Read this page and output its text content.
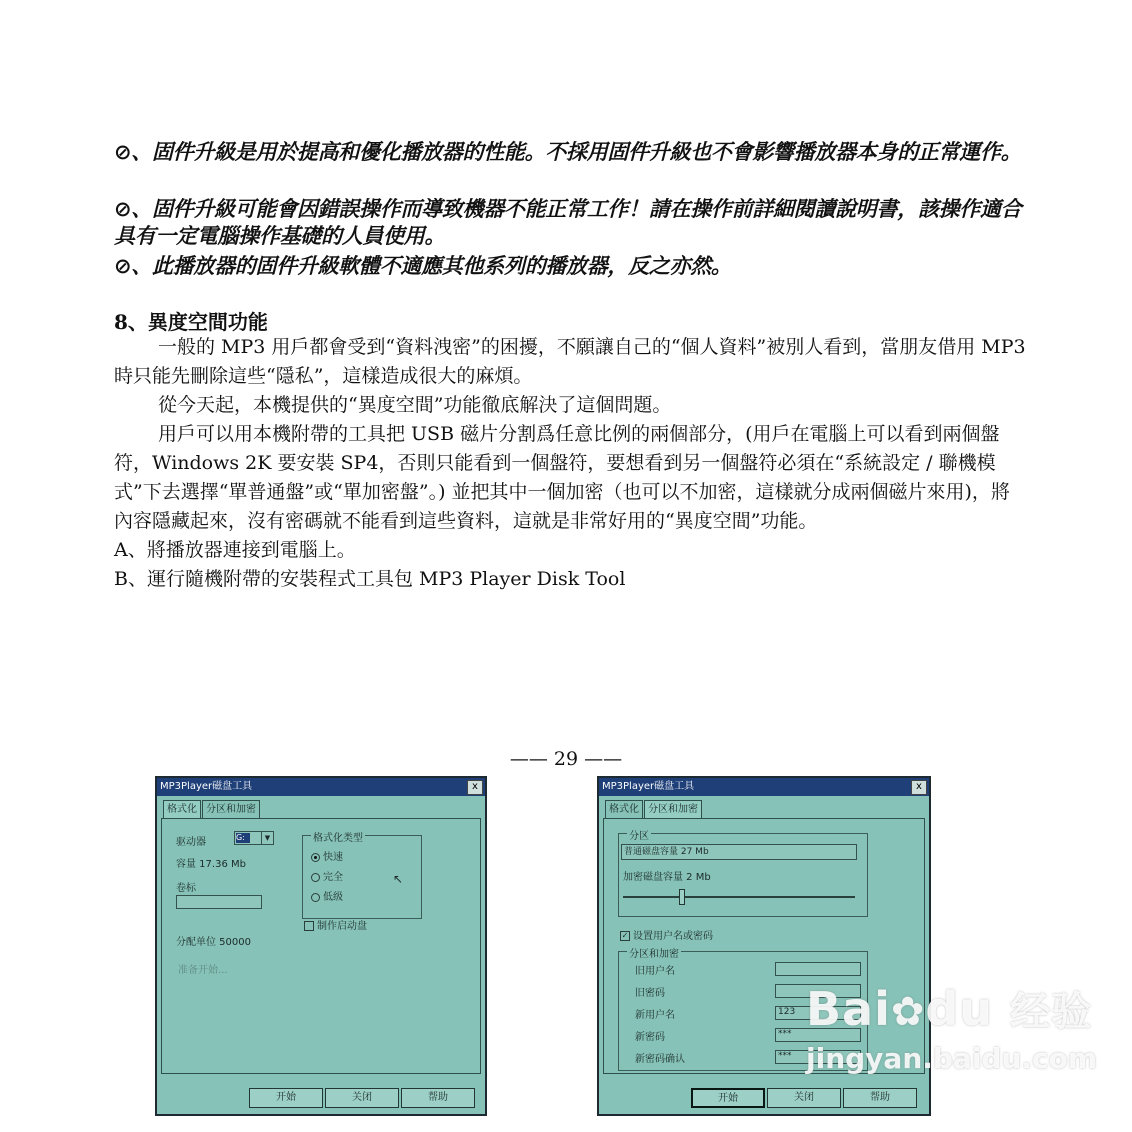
⊘、固件升級是用於提高和優化播放器的性能。不採用固件升級也不會影響播放器本身的正常運作。
⊘、固件升級可能會因錯誤操作而導致機器不能正常工作！請在操作前詳細閱讀說明書，該操作適合具有一定電腦操作基礎的人員使用。
⊘、此播放器的固件升級軟體不適應其他系列的播放器，反之亦然。
8、異度空間功能
一般的 MP3 用戶都會受到“資料洩密”的困擾，不願讓自己的“個人資料”被別人看到，當朋友借用 MP3 時只能先刪除這些“隱私”，這樣造成很大的麻煩。
從今天起，本機提供的“異度空間”功能徹底解決了這個問題。
用戶可以用本機附帶的工具把 USB 磁片分割爲任意比例的兩個部分，(用戶在電腦上可以看到兩個盤符，Windows 2K 要安裝 SP4，否則只能看到一個盤符，要想看到另一個盤符必須在“系統設定 / 聯機模式”下去選擇“單普通盤”或“單加密盤”。) 並把其中一個加密（也可以不加密，這樣就分成兩個磁片來用)，將內容隱藏起來，沒有密碼就不能看到這些資料，這就是非常好用的“異度空間”功能。
A、將播放器連接到電腦上。
B、運行隨機附帶的安裝程式工具包 MP3 Player Disk Tool
—— 29 ——
MP3Player磁盘工具	x
格式化 分区和加密
驱动器	G:	▼
容量 17.36 Mb
卷标
格式化类型
快速
完全
低级
↖
制作启动盘
分配单位 50000
准备开始...
开始	关闭	帮助
MP3Player磁盘工具	x
格式化 分区和加密
分区
普通磁盘容量 27 Mb
加密磁盘容量 2 Mb
✓ 设置用户名或密码
分区和加密
旧用户名
旧密码
新用户名	123
新密码	***
新密码确认	***
开始	关闭	帮助
Bai✿du 经验
jingyan.baidu.com
